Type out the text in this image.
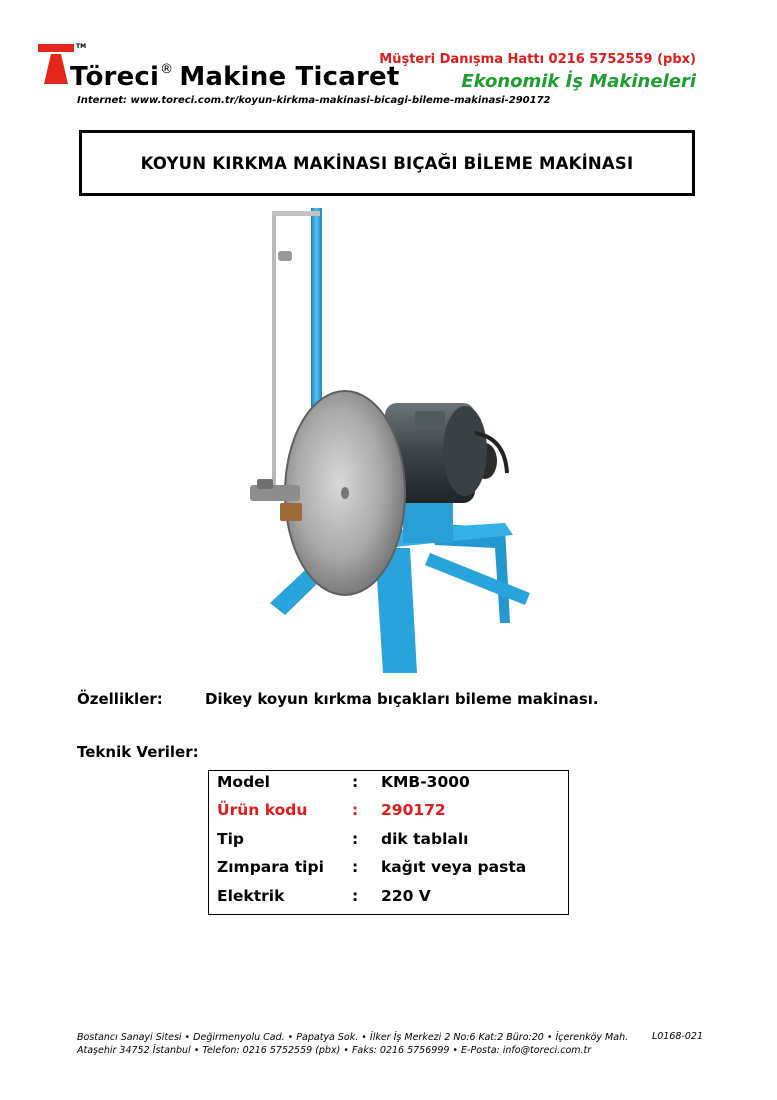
TM
Töreci® Makine Ticaret
Müşteri Danışma Hattı 0216 5752559 (pbx)
Ekonomik İş Makineleri
Internet: www.toreci.com.tr/koyun-kirkma-makinasi-bicagi-bileme-makinasi-290172
KOYUN KIRKMA MAKİNASI BIÇAĞI BİLEME MAKİNASI
Özellikler:	Dikey koyun kırkma bıçakları bileme makinası.
Teknik Veriler:
Model	: KMB-3000
Ürün kodu	: 290172
Tip	: dik tablalı
Zımpara tipi : kağıt veya pasta
Elektrik	: 220 V
Bostancı Sanayi Sitesi • Değirmenyolu Cad. • Papatya Sok. • İlker İş Merkezi 2 No:6 Kat:2 Büro:20 • İçerenköy Mah.
Ataşehir 34752 İstanbul • Telefon: 0216 5752559 (pbx) • Faks: 0216 5756999 • E-Posta: info@toreci.com.tr
L0168-021
